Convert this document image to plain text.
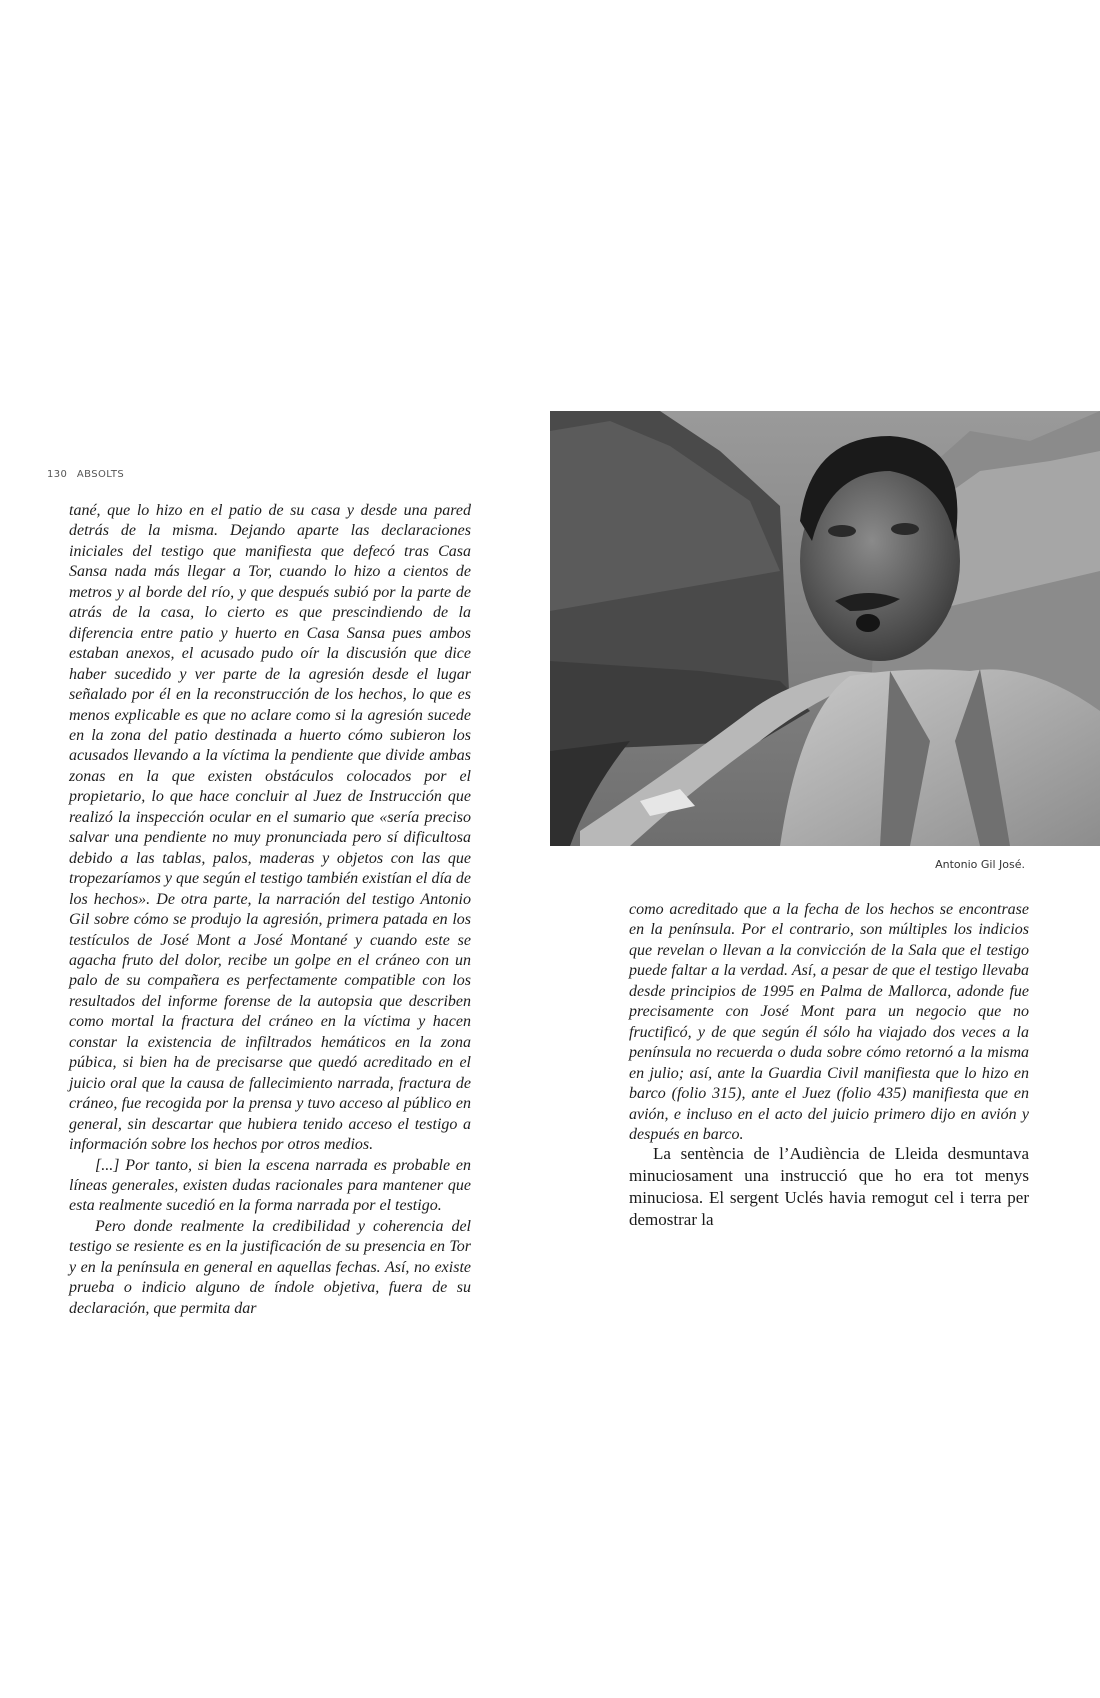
130 ABSOLTS

tané, que lo hizo en el patio de su casa y desde una pared detrás de la misma. Dejando aparte las declaraciones iniciales del testigo que manifiesta que defecó tras Casa Sansa nada más llegar a Tor, cuando lo hizo a cientos de metros y al borde del río, y que después subió por la parte de atrás de la casa, lo cierto es que prescindiendo de la diferencia entre patio y huerto en Casa Sansa pues ambos estaban anexos, el acusado pudo oír la discusión que dice haber sucedido y ver parte de la agresión desde el lugar señalado por él en la reconstrucción de los hechos, lo que es menos explicable es que no aclare como si la agresión sucede en la zona del patio destinada a huerto cómo subieron los acusados llevando a la víctima la pendiente que divide ambas zonas en la que existen obstáculos colocados por el propietario, lo que hace concluir al Juez de Instrucción que realizó la inspección ocular en el sumario que «sería preciso salvar una pendiente no muy pronunciada pero sí dificultosa debido a las tablas, palos, maderas y objetos con las que tropezaríamos y que según el testigo también existían el día de los hechos». De otra parte, la narración del testigo Antonio Gil sobre cómo se produjo la agresión, primera patada en los testículos de José Mont a José Montané y cuando este se agacha fruto del dolor, recibe un golpe en el cráneo con un palo de su compañera es perfectamente compatible con los resultados del informe forense de la autopsia que describen como mortal la fractura del cráneo en la víctima y hacen constar la existencia de infiltrados hemáticos en la zona púbica, si bien ha de precisarse que quedó acreditado en el juicio oral que la causa de fallecimiento narrada, fractura de cráneo, fue recogida por la prensa y tuvo acceso al público en general, sin descartar que hubiera tenido acceso el testigo a información sobre los hechos por otros medios.

[...] Por tanto, si bien la escena narrada es probable en líneas generales, existen dudas racionales para mantener que esta realmente sucedió en la forma narrada por el testigo.

Pero donde realmente la credibilidad y coherencia del testigo se resiente es en la justificación de su presencia en Tor y en la península en general en aquellas fechas. Así, no existe prueba o indicio alguno de índole objetiva, fuera de su declaración, que permita dar

Antonio Gil José.

como acreditado que a la fecha de los hechos se encontrase en la península. Por el contrario, son múltiples los indicios que revelan o llevan a la convicción de la Sala que el testigo puede faltar a la verdad. Así, a pesar de que el testigo llevaba desde principios de 1995 en Palma de Mallorca, adonde fue precisamente con José Mont para un negocio que no fructificó, y de que según él sólo ha viajado dos veces a la península no recuerda o duda sobre cómo retornó a la misma en julio; así, ante la Guardia Civil manifiesta que lo hizo en barco (folio 315), ante el Juez (folio 435) manifiesta que en avión, e incluso en el acto del juicio primero dijo en avión y después en barco.

La sentència de l’Audiència de Lleida desmuntava minuciosament una instrucció que ho era tot menys minuciosa. El sergent Uclés havia remogut cel i terra per demostrar la
